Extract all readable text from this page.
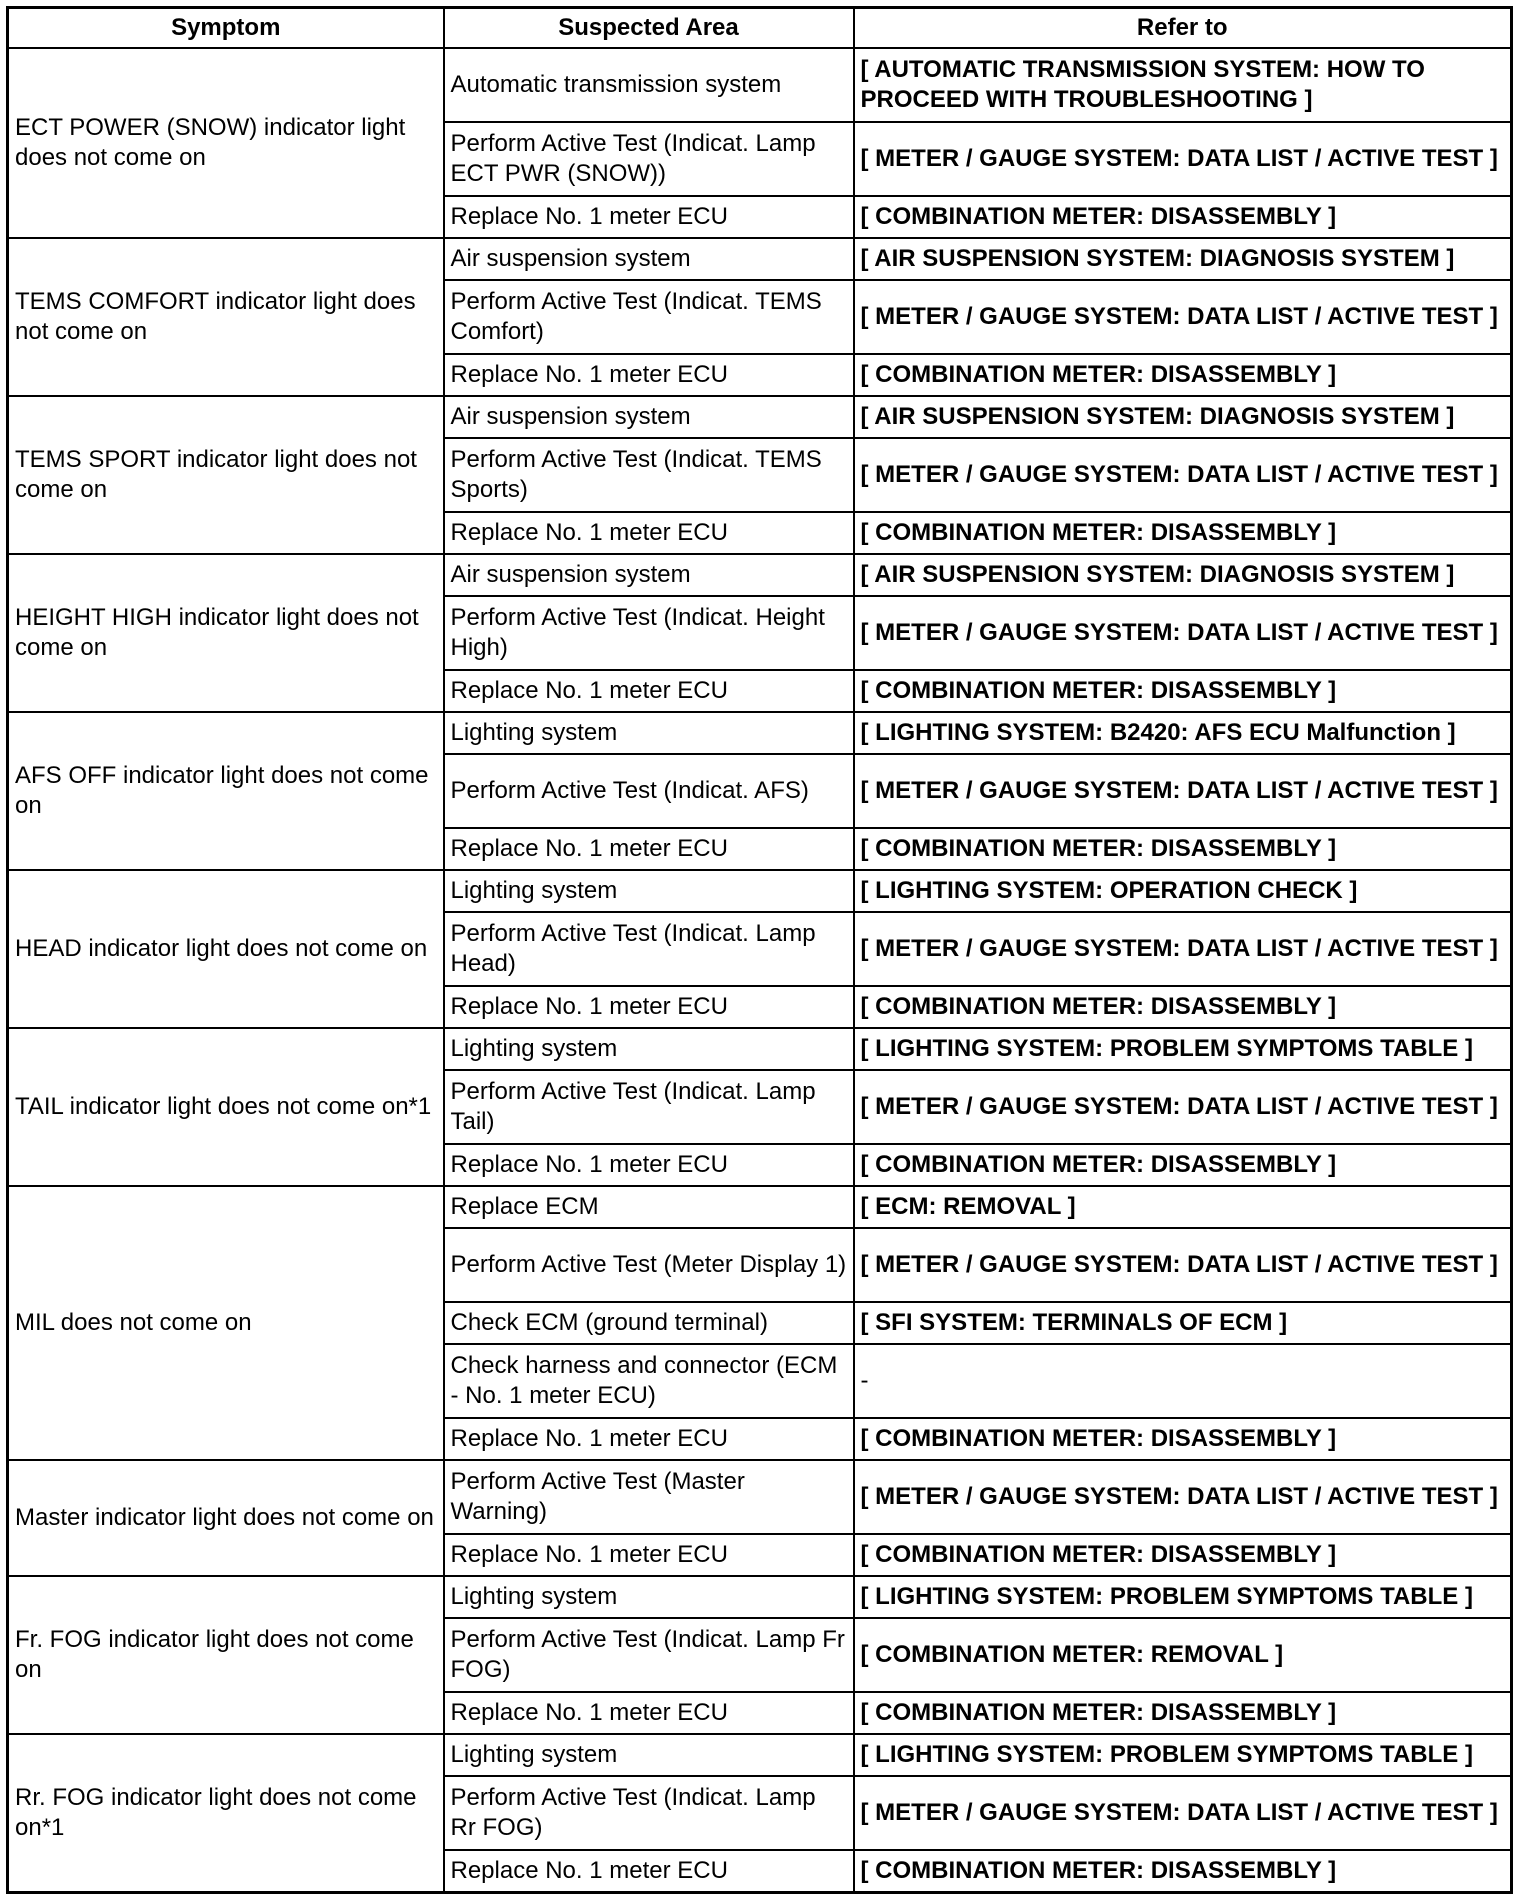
Symptom	Suspected Area	Refer to
ECT POWER (SNOW) indicator light does not come on	Automatic transmission system	[ AUTOMATIC TRANSMISSION SYSTEM: HOW TO PROCEED WITH TROUBLESHOOTING ]
	Perform Active Test (Indicat. Lamp ECT PWR (SNOW))	[ METER / GAUGE SYSTEM: DATA LIST / ACTIVE TEST ]
	Replace No. 1 meter ECU	[ COMBINATION METER: DISASSEMBLY ]
TEMS COMFORT indicator light does not come on	Air suspension system	[ AIR SUSPENSION SYSTEM: DIAGNOSIS SYSTEM ]
	Perform Active Test (Indicat. TEMS Comfort)	[ METER / GAUGE SYSTEM: DATA LIST / ACTIVE TEST ]
	Replace No. 1 meter ECU	[ COMBINATION METER: DISASSEMBLY ]
TEMS SPORT indicator light does not come on	Air suspension system	[ AIR SUSPENSION SYSTEM: DIAGNOSIS SYSTEM ]
	Perform Active Test (Indicat. TEMS Sports)	[ METER / GAUGE SYSTEM: DATA LIST / ACTIVE TEST ]
	Replace No. 1 meter ECU	[ COMBINATION METER: DISASSEMBLY ]
HEIGHT HIGH indicator light does not come on	Air suspension system	[ AIR SUSPENSION SYSTEM: DIAGNOSIS SYSTEM ]
	Perform Active Test (Indicat. Height High)	[ METER / GAUGE SYSTEM: DATA LIST / ACTIVE TEST ]
	Replace No. 1 meter ECU	[ COMBINATION METER: DISASSEMBLY ]
AFS OFF indicator light does not come on	Lighting system	[ LIGHTING SYSTEM: B2420: AFS ECU Malfunction ]
	Perform Active Test (Indicat. AFS)	[ METER / GAUGE SYSTEM: DATA LIST / ACTIVE TEST ]
	Replace No. 1 meter ECU	[ COMBINATION METER: DISASSEMBLY ]
HEAD indicator light does not come on	Lighting system	[ LIGHTING SYSTEM: OPERATION CHECK ]
	Perform Active Test (Indicat. Lamp Head)	[ METER / GAUGE SYSTEM: DATA LIST / ACTIVE TEST ]
	Replace No. 1 meter ECU	[ COMBINATION METER: DISASSEMBLY ]
TAIL indicator light does not come on*1	Lighting system	[ LIGHTING SYSTEM: PROBLEM SYMPTOMS TABLE ]
	Perform Active Test (Indicat. Lamp Tail)	[ METER / GAUGE SYSTEM: DATA LIST / ACTIVE TEST ]
	Replace No. 1 meter ECU	[ COMBINATION METER: DISASSEMBLY ]
MIL does not come on	Replace ECM	[ ECM: REMOVAL ]
	Perform Active Test (Meter Display 1)	[ METER / GAUGE SYSTEM: DATA LIST / ACTIVE TEST ]
	Check ECM (ground terminal)	[ SFI SYSTEM: TERMINALS OF ECM ]
	Check harness and connector (ECM - No. 1 meter ECU)	-
	Replace No. 1 meter ECU	[ COMBINATION METER: DISASSEMBLY ]
Master indicator light does not come on	Perform Active Test (Master Warning)	[ METER / GAUGE SYSTEM: DATA LIST / ACTIVE TEST ]
	Replace No. 1 meter ECU	[ COMBINATION METER: DISASSEMBLY ]
Fr. FOG indicator light does not come on	Lighting system	[ LIGHTING SYSTEM: PROBLEM SYMPTOMS TABLE ]
	Perform Active Test (Indicat. Lamp Fr FOG)	[ COMBINATION METER: REMOVAL ]
	Replace No. 1 meter ECU	[ COMBINATION METER: DISASSEMBLY ]
Rr. FOG indicator light does not come on*1	Lighting system	[ LIGHTING SYSTEM: PROBLEM SYMPTOMS TABLE ]
	Perform Active Test (Indicat. Lamp Rr FOG)	[ METER / GAUGE SYSTEM: DATA LIST / ACTIVE TEST ]
	Replace No. 1 meter ECU	[ COMBINATION METER: DISASSEMBLY ]
